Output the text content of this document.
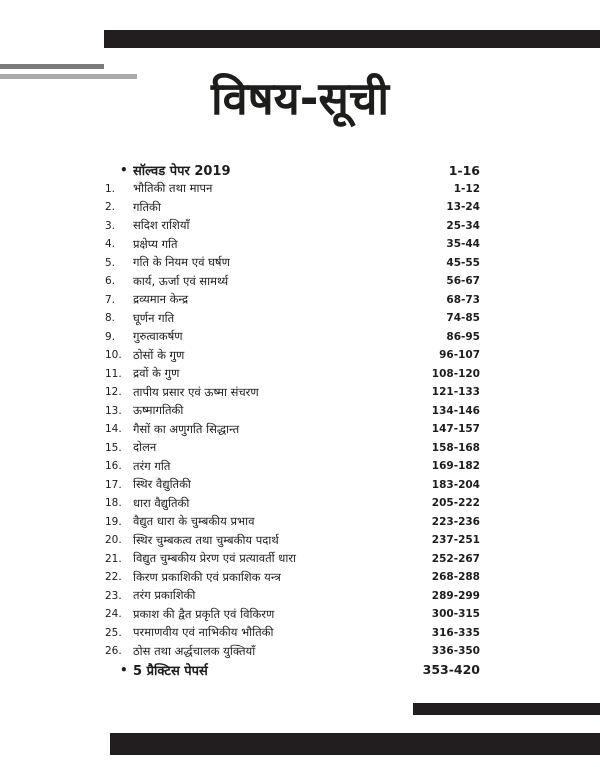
विषय-सूची
• सॉल्वड पेपर 2019	1-16
1.	भौतिकी तथा मापन	1-12
2.	गतिकी	13-24
3.	सदिश राशियाँ	25-34
4.	प्रक्षेप्य गति	35-44
5.	गति के नियम एवं घर्षण	45-55
6.	कार्य, ऊर्जा एवं सामर्थ्य	56-67
7.	द्रव्यमान केन्द्र	68-73
8.	घूर्णन गति	74-85
9.	गुरुत्वाकर्षण	86-95
10. ठोसों के गुण	96-107
11. द्रवों के गुण	108-120
12. तापीय प्रसार एवं ऊष्मा संचरण	121-133
13. ऊष्मागतिकी	134-146
14. गैसों का अणुगति सिद्धान्त	147-157
15. दोलन	158-168
16. तरंग गति	169-182
17. स्थिर वैद्युतिकी	183-204
18. धारा वैद्युतिकी	205-222
19. वैद्युत धारा के चुम्बकीय प्रभाव	223-236
20. स्थिर चुम्बकत्व तथा चुम्बकीय पदार्थ	237-251
21. विद्युत चुम्बकीय प्रेरण एवं प्रत्यावर्ती धारा	252-267
22. किरण प्रकाशिकी एवं प्रकाशिक यन्त्र	268-288
23. तरंग प्रकाशिकी	289-299
24. प्रकाश की द्वैत प्रकृति एवं विकिरण	300-315
25. परमाणवीय एवं नाभिकीय भौतिकी	316-335
26. ठोस तथा अर्द्धचालक युक्तियाँ	336-350
• 5 प्रैक्टिस पेपर्स	353-420
